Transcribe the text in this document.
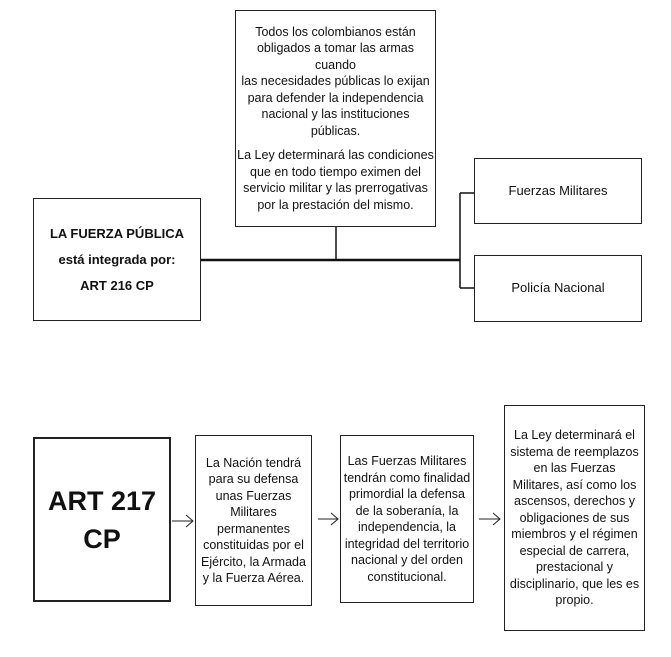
LA FUERZA PÚBLICA
está integrada por:
ART 216 CP
Todos los colombianos están
obligados a tomar las armas cuando
las necesidades públicas lo exijan
para defender la independencia
nacional y las instituciones
públicas.
La Ley determinará las condiciones
que en todo tiempo eximen del
servicio militar y las prerrogativas
por la prestación del mismo.
Fuerzas Militares
Policía Nacional
ART 217
CP
La Nación tendrá
para su defensa
unas Fuerzas
Militares
permanentes
constituidas por el
Ejército, la Armada
y la Fuerza Aérea.
Las Fuerzas Militares
tendrán como finalidad
primordial la defensa
de la soberanía, la
independencia, la
integridad del territorio
nacional y del orden
constitucional.
La Ley determinará el
sistema de reemplazos
en las Fuerzas
Militares, así como los
ascensos, derechos y
obligaciones de sus
miembros y el régimen
especial de carrera,
prestacional y
disciplinario, que les es
propio.
